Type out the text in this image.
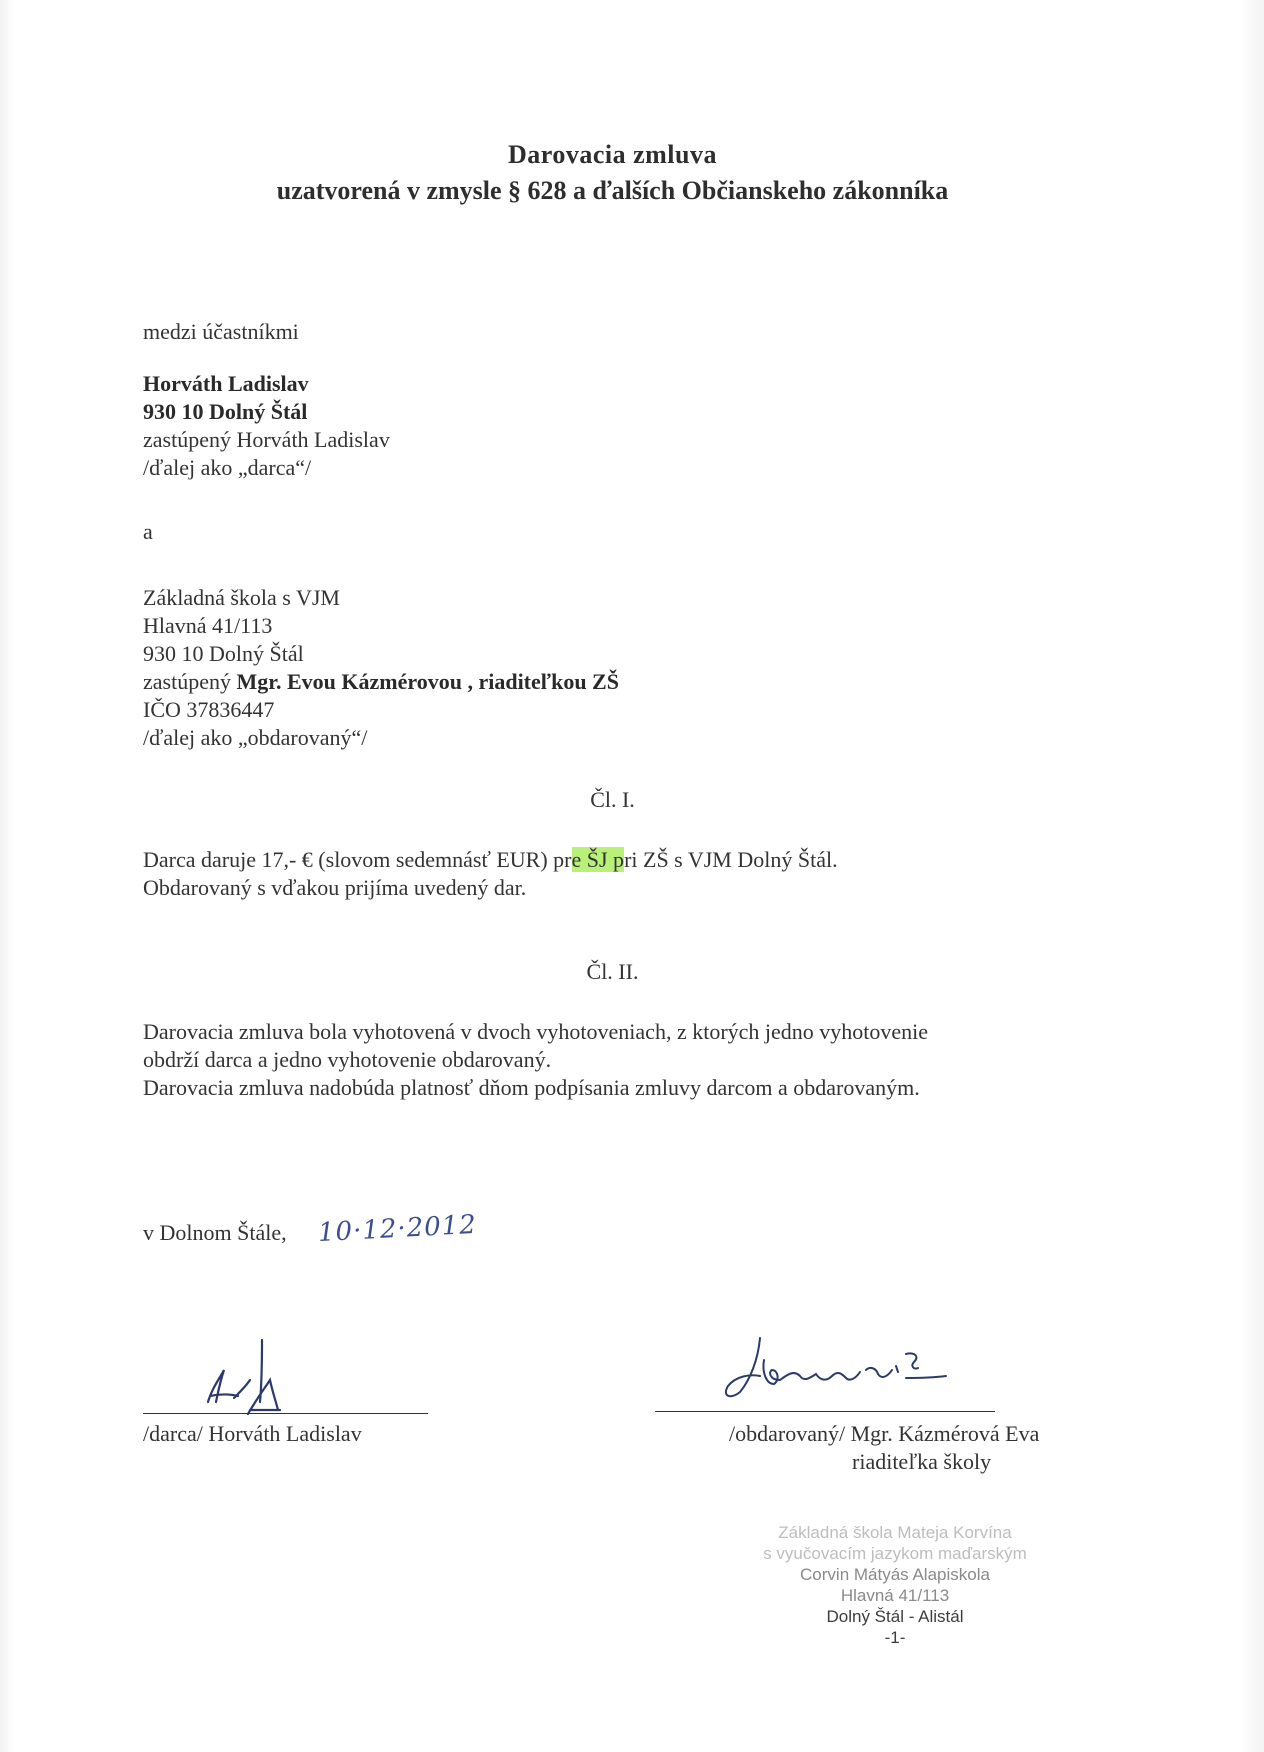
Darovacia zmluva
uzatvorená v zmysle § 628 a ďalších Občianskeho zákonníka
medzi účastníkmi
Horváth Ladislav
930 10 Dolný Štál
zastúpený Horváth Ladislav
/ďalej ako „darca“/
a
Základná škola s VJM
Hlavná 41/113
930 10 Dolný Štál
zastúpený Mgr. Evou Kázmérovou , riaditeľkou ZŠ
IČO 37836447
/ďalej ako „obdarovaný“/
Čl. I.
Darca daruje 17,- € (slovom sedemnásť EUR) pre ŠJ pri ZŠ s VJM Dolný Štál.
Obdarovaný s vďakou prijíma uvedený dar.
Čl. II.
Darovacia zmluva bola vyhotovená v dvoch vyhotoveniach, z ktorých jedno vyhotovenie
obdrží darca a jedno vyhotovenie obdarovaný.
Darovacia zmluva nadobúda platnosť dňom podpísania zmluvy darcom a obdarovaným.
v Dolnom Štále, 10·12·2012
/darca/ Horváth Ladislav	/obdarovaný/ Mgr. Kázmérová Eva
riaditeľka školy
Základná škola Mateja Korvína
s vyučovacím jazykom maďarským
Corvin Mátyás Alapiskola
Hlavná 41/113
Dolný Štál - Alistál
-1-
